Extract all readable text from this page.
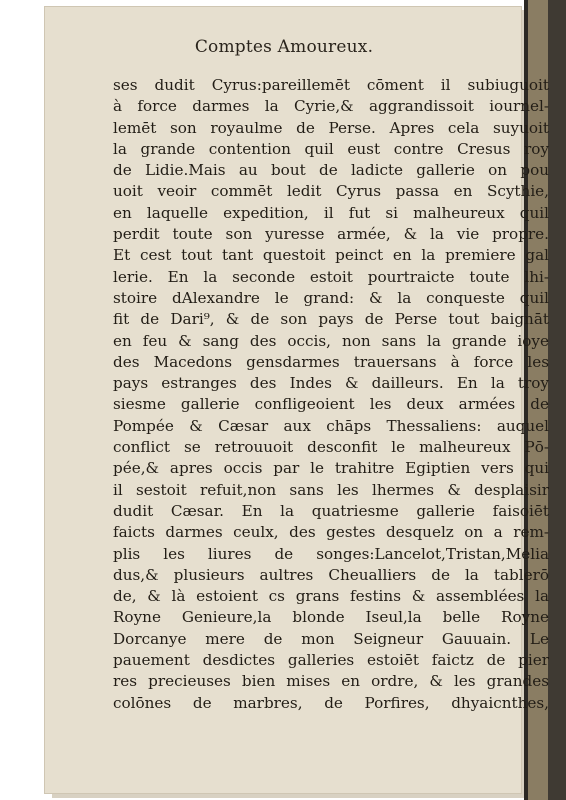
Comptes Amoureux.
ses dudit Cyrus:pareillemēt cōment il subiuguoit
à force darmes la Cyrie,& aggrandissoit iournel-
lemēt son royaulme de Perse. Apres cela suyuoit
la grande contention quil eust contre Cresus roy
de Lidie.Mais au bout de ladicte gallerie on pou
uoit veoir commēt ledit Cyrus passa en Scythie,
en laquelle expedition, il fut si malheureux quil
perdit toute son yuresse armée, & la vie propre.
Et cest tout tant questoit peinct en la premiere gal
lerie. En la seconde estoit pourtraicte toute lhi-
stoire dAlexandre le grand: & la conqueste quil
fit de Dari⁹, & de son pays de Perse tout baignāt
en feu & sang des occis, non sans la grande ioye
des Macedons gensdarmes trauersans à force les
pays estranges des Indes & dailleurs. En la troy
siesme gallerie confligeoient les deux armées de
Pompée & Cæsar aux chāps Thessaliens: auquel
conflict se retrouuoit desconfit le malheureux Pō-
pée,& apres occis par le trahitre Egiptien vers qui
il sestoit refuit,non sans les lhermes & desplaisir
dudit Cæsar. En la quatriesme gallerie faisoiēt
faicts darmes ceulx, des gestes desquelz on a rem-
plis les liures de songes:Lancelot,Tristan,Melia
dus,& plusieurs aultres Cheualliers de la tablerō
de, & là estoient cs grans festins & assemblées la
Royne Genieure,la blonde Iseul,la belle Royne
Dorcanye mere de mon Seigneur Gauuain. Le
pauement desdictes galleries estoiēt faictz de pier
res precieuses bien mises en ordre, & les grandes
colōnes de marbres, de Porfires, dhyaicnthes,
